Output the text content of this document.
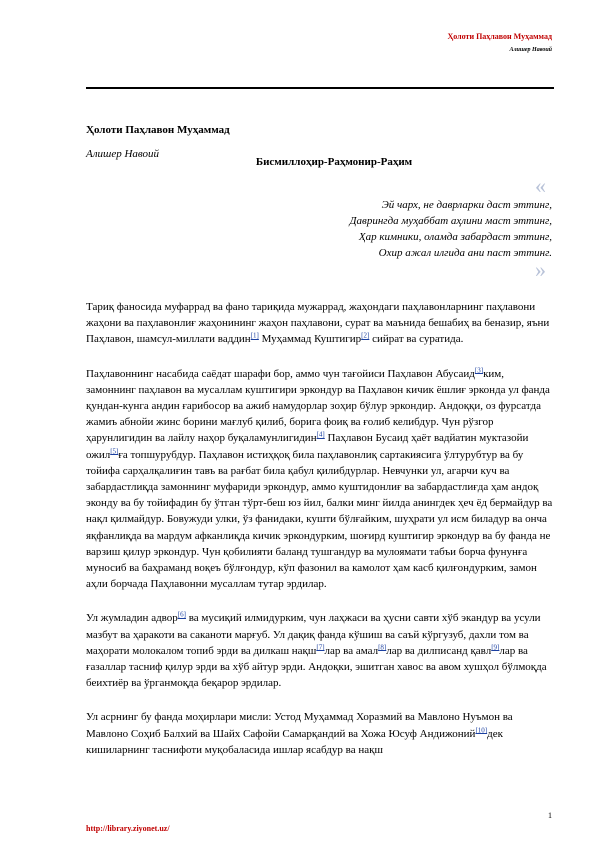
Ҳолоти Паҳлавон Муҳаммад
Алишер Навоий
Ҳолоти Паҳлавон Муҳаммад
Алишер Навоий
Бисмиллоҳир-Раҳмонир-Раҳим
«
Эй чарх, не даврларки даст эттинг,
Даврингда муҳаббат аҳлини маст эттинг,
Ҳар кимники, оламда забардаст эттинг,
Охир ажал илгида ани паст эттинг.
»

Тариқ фаносида муфаррад ва фано тариқида мужаррад, жаҳондаги паҳлавонларнинг паҳлавони жаҳони ва паҳлавонлиғ жаҳонининг жаҳон паҳлавони, сурат ва маънида бешабиҳ ва беназир, яъни Паҳлавон, шамсул-миллати ваддин[1] Муҳаммад Куштигир[2] сийрат ва суратида.

Паҳлавоннинг насабида саёдат шарафи бор, аммо чун тағойиси Паҳлавон Абусаид[3]ким, замоннинг паҳлавон ва мусаллам куштигири эркондур ва Паҳлавон кичик ёшлиғ эрконда ул фанда қундан-кунга андин ғарибосор ва ажиб намудорлар зоҳир бўлур эркондир. Андоққи, оз фурсатда жамиъ абнойи жинс борини мағлуб қилиб, борига фоиқ ва ғолиб келибдур. Чун рўзгор ҳарунлигидин ва лайлу наҳор буқаламунлигидин[4] Паҳлавон Бусаид ҳаёт вадйатин муктазойи ожил[5]ға топшурубдур. Паҳлавон истиҳқоқ била паҳлавонлиқ сартакиясига ўлтурубтур ва бу тойифа сарҳалқалиғин тавъ ва рағбат била қабул қилибдурлар. Невчунки ул, агарчи куч ва забардастлиқда замоннинг муфариди эркондур, аммо куштидонлиғ ва забардастлиғда ҳам андоқ эконду ва бу тойифадин бу ўтган тўрт-беш юз йил, балки минг йилда анингдек ҳеч ёд бермайдур ва нақл қилмайдур. Бовужуди улки, ўз фанидаки, кушти бўлғайким, шуҳрати ул исм биладур ва онча яқфанлиқда ва мардум афканлиқда кичик эркондурким, шоғирд куштигир эркондур ва бу фанда не варзиш қилур эркондур. Чун қобилияти баланд тушгандур ва мулоямати табъи борча фунунға муносиб ва баҳраманд воқеъ бўлғондур, кўп фазонил ва камолот ҳам касб қилғондурким, замон аҳли борчада Паҳлавонни мусаллам тутар эрдилар.

Ул жумладин адвор[6] ва мусиқий илмидурким, чун лаҳжаси ва ҳусни савти хўб экандур ва усули мазбут ва ҳаракоти ва саканоти марғуб. Ул дақиқ фанда кўшиш ва саъй кўргузуб, дахли том ва маҳорати молокалом топиб эрди ва дилкаш нақш[7]лар ва амал[8]лар ва дилписанд қавл[9]лар ва ғазаллар тасниф қилур эрди ва хўб айтур эрди. Андоқки, эшитган хавос ва авом хушҳол бўлмоқда беихтиёр ва ўрганмоқда беқарор эрдилар.

Ул асрнинг бу фанда моҳирлари мисли: Устод Муҳаммад Хоразмий ва Мавлоно Нуъмон ва Мавлоно Соҳиб Балхий ва Шайх Сафойи Самарқандий ва Хожа Юсуф Андижоний[10]дек кишиларнинг таснифоти муқобаласида ишлар ясабдур ва нақш

1
http://library.ziyonet.uz/
